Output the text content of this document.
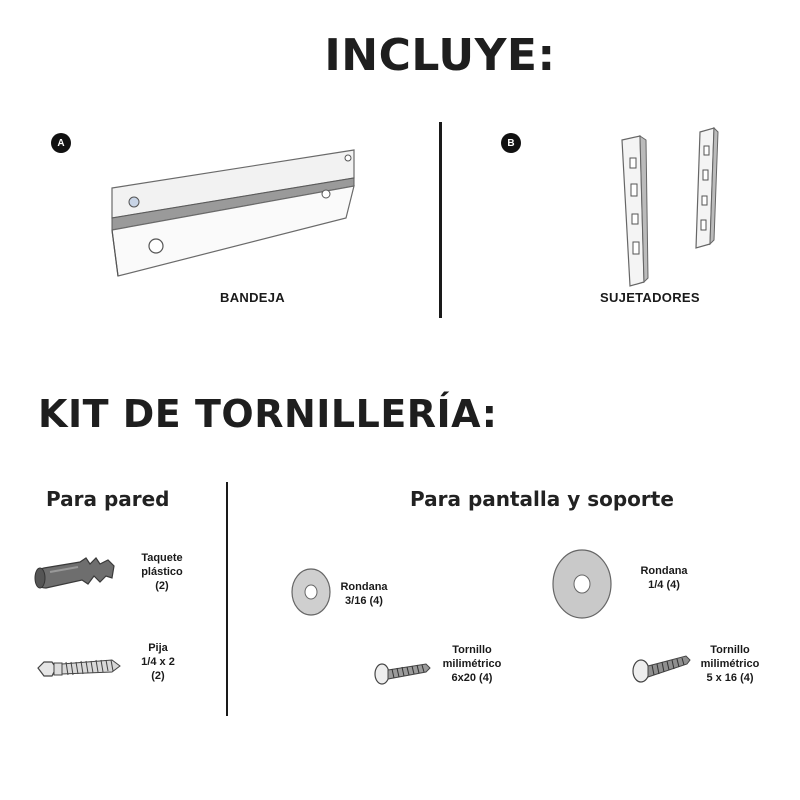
INCLUYE:
KIT DE TORNILLERÍA:
A
BANDEJA
B
SUJETADORES
Para pared
Taquete
plástico
(2)
Pija
1/4 x 2
(2)
Para pantalla y soporte
Rondana
3/16 (4)
Rondana
1/4 (4)
Tornillo
milimétrico
6x20 (4)
Tornillo
milimétrico
5 x 16 (4)
